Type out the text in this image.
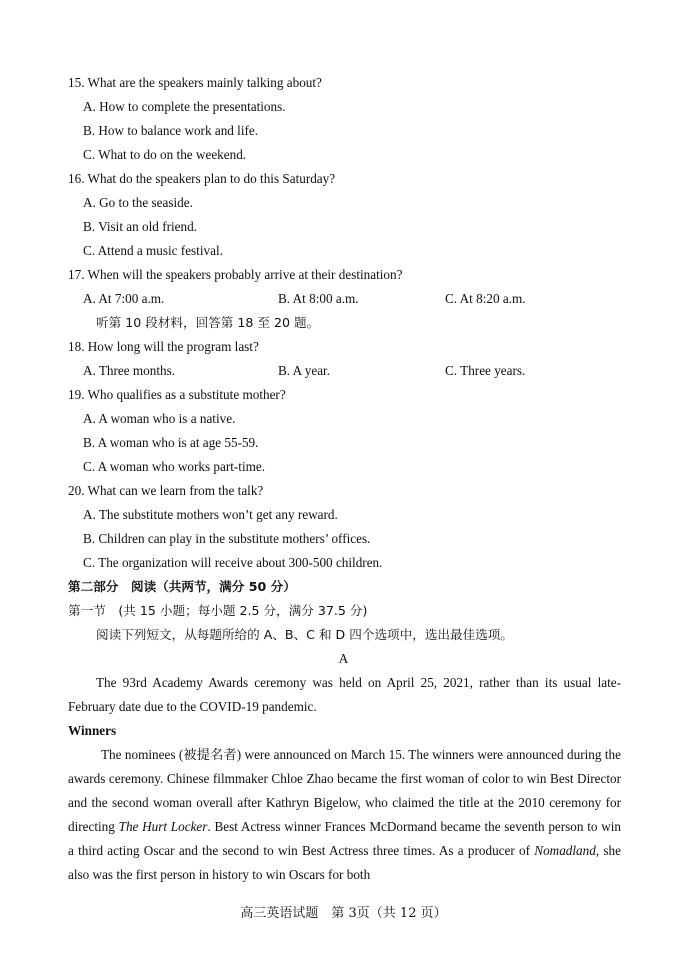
15. What are the speakers mainly talking about?
A. How to complete the presentations.
B. How to balance work and life.
C. What to do on the weekend.
16. What do the speakers plan to do this Saturday?
A. Go to the seaside.
B. Visit an old friend.
C. Attend a music festival.
17. When will the speakers probably arrive at their destination?
A. At 7:00 a.m.	B. At 8:00 a.m.	C. At 8:20 a.m.
听第 10 段材料，回答第 18 至 20 题。
18. How long will the program last?
A. Three months.	B. A year.	C. Three years.
19. Who qualifies as a substitute mother?
A. A woman who is a native.
B. A woman who is at age 55-59.
C. A woman who works part-time.
20. What can we learn from the talk?
A. The substitute mothers won’t get any reward.
B. Children can play in the substitute mothers’ offices.
C. The organization will receive about 300-500 children.
第二部分　阅读（共两节，满分 50 分）
第一节　(共 15 小题；每小题 2.5 分，满分 37.5 分)
阅读下列短文，从每题所给的 A、B、C 和 D 四个选项中，选出最佳选项。
A
The 93rd Academy Awards ceremony was held on April 25, 2021, rather than its usual late-February date due to the COVID-19 pandemic.
Winners
The nominees (被提名者) were announced on March 15. The winners were announced during the awards ceremony. Chinese filmmaker Chloe Zhao became the first woman of color to win Best Director and the second woman overall after Kathryn Bigelow, who claimed the title at the 2010 ceremony for directing The Hurt Locker. Best Actress winner Frances McDormand became the seventh person to win a third acting Oscar and the second to win Best Actress three times. As a producer of Nomadland, she also was the first person in history to win Oscars for both
高三英语试题　第 3页（共 12 页）
